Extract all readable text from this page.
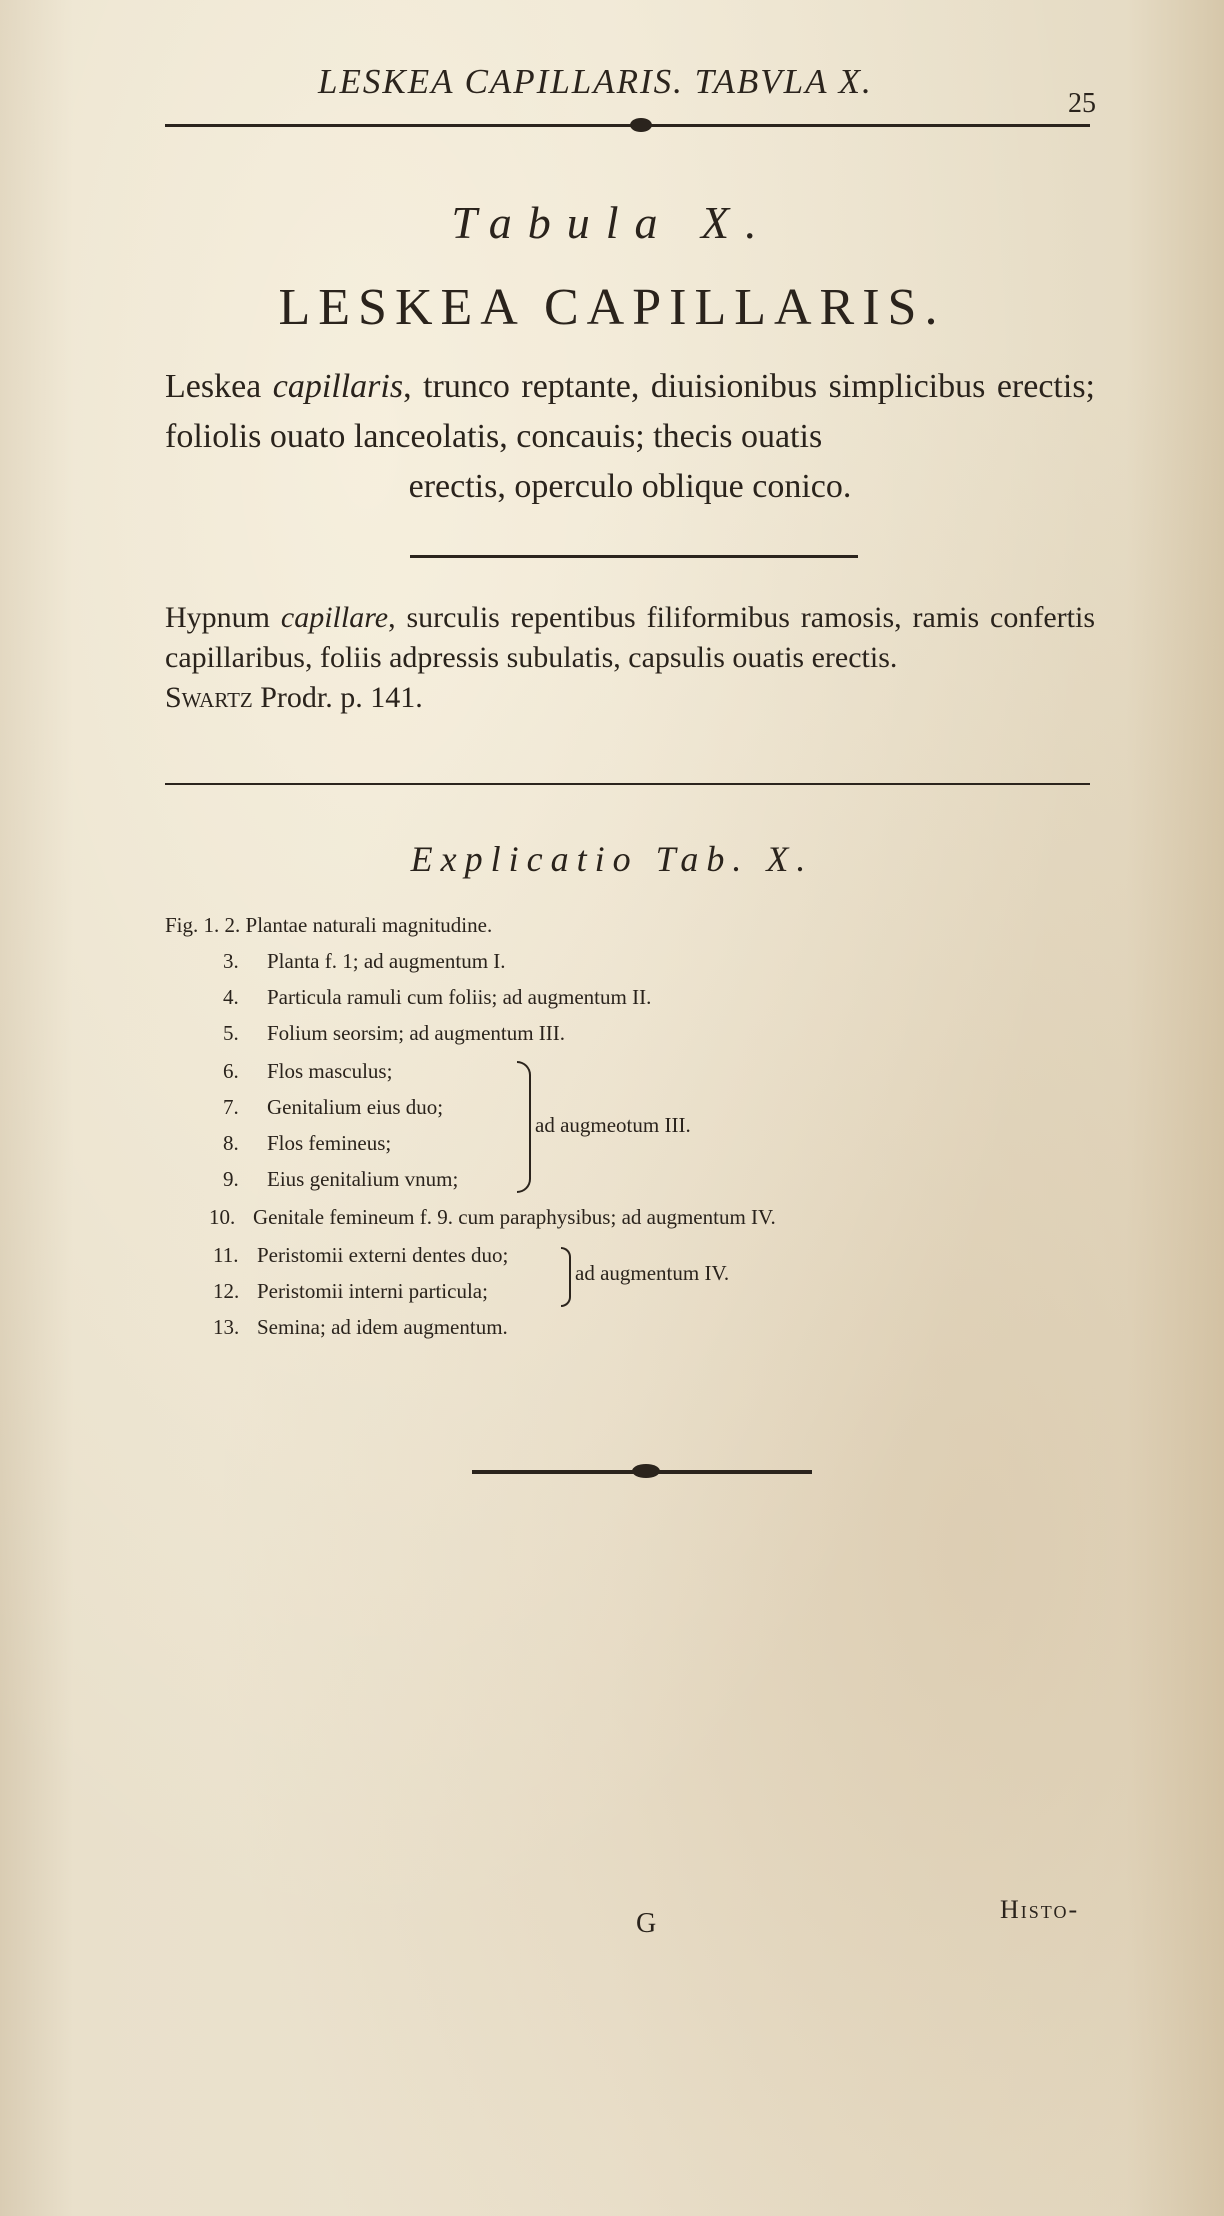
LESKEA CAPILLARIS. TABVLA X.
25
Tabula X.
LESKEA CAPILLARIS.
Leskea capillaris, trunco reptante, diuisionibus simplicibus erectis; foliolis ouato lanceolatis, concauis; thecis ouatis
erectis, operculo oblique conico.
Hypnum capillare, surculis repentibus filiformibus ramosis, ramis confertis capillaribus, foliis adpressis subulatis, capsulis ouatis erectis.
Swartz Prodr. p. 141.
Explicatio Tab. X.
Fig. 1. 2. Plantae naturali magnitudine.
3. Planta f. 1; ad augmentum I.
4. Particula ramuli cum foliis; ad augmentum II.
5. Folium seorsim; ad augmentum III.
6. Flos masculus;
7. Genitalium eius duo;
8. Flos femineus;
9. Eius genitalium vnum;
ad augmeotum III.
10. Genitale femineum f. 9. cum paraphysibus; ad augmentum IV.
11. Peristomii externi dentes duo;
12. Peristomii interni particula;
ad augmentum IV.
13. Semina; ad idem augmentum.
G	Histo-
